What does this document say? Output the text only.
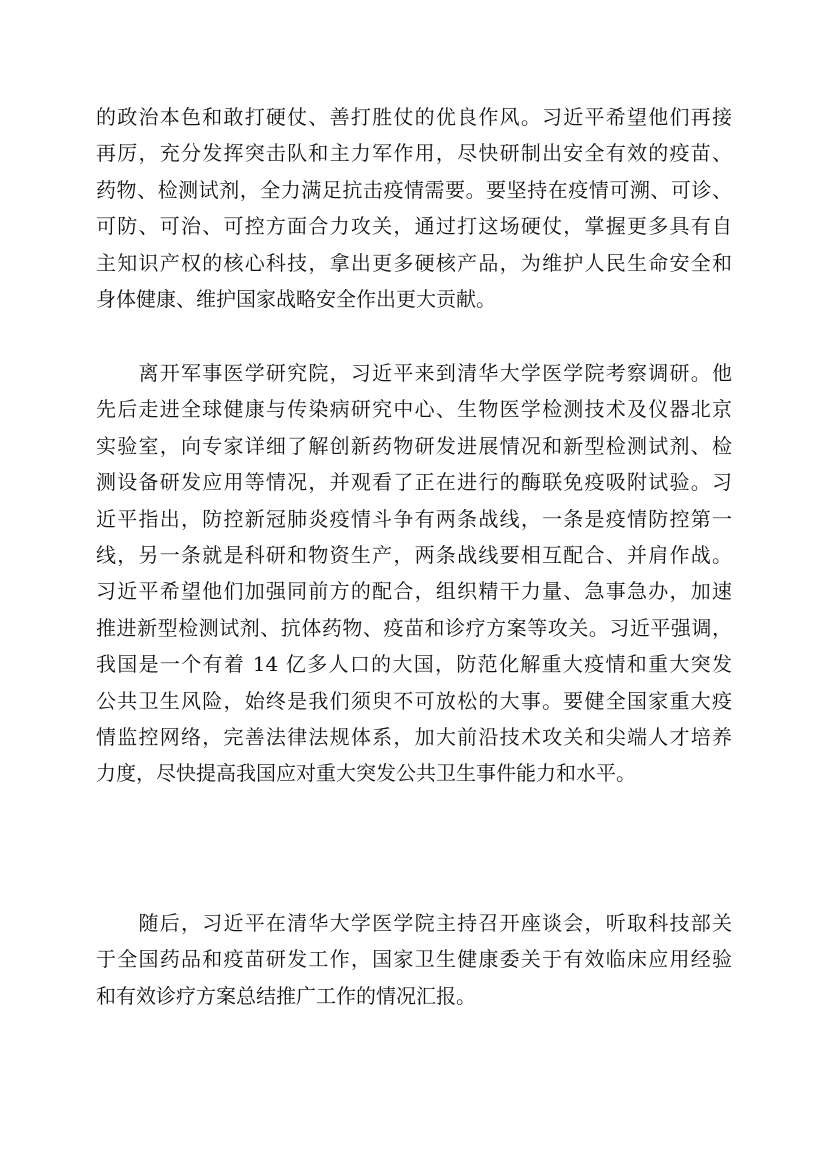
的政治本色和敢打硬仗、善打胜仗的优良作风。习近平希望他们再接
再厉，充分发挥突击队和主力军作用，尽快研制出安全有效的疫苗、
药物、检测试剂，全力满足抗击疫情需要。要坚持在疫情可溯、可诊、
可防、可治、可控方面合力攻关，通过打这场硬仗，掌握更多具有自
主知识产权的核心科技，拿出更多硬核产品，为维护人民生命安全和
身体健康、维护国家战略安全作出更大贡献。

　　离开军事医学研究院，习近平来到清华大学医学院考察调研。他
先后走进全球健康与传染病研究中心、生物医学检测技术及仪器北京
实验室，向专家详细了解创新药物研发进展情况和新型检测试剂、检
测设备研发应用等情况，并观看了正在进行的酶联免疫吸附试验。习
近平指出，防控新冠肺炎疫情斗争有两条战线，一条是疫情防控第一
线，另一条就是科研和物资生产，两条战线要相互配合、并肩作战。
习近平希望他们加强同前方的配合，组织精干力量、急事急办，加速
推进新型检测试剂、抗体药物、疫苗和诊疗方案等攻关。习近平强调，
我国是一个有着 14 亿多人口的大国，防范化解重大疫情和重大突发
公共卫生风险，始终是我们须臾不可放松的大事。要健全国家重大疫
情监控网络，完善法律法规体系，加大前沿技术攻关和尖端人才培养
力度，尽快提高我国应对重大突发公共卫生事件能力和水平。

　　随后，习近平在清华大学医学院主持召开座谈会，听取科技部关
于全国药品和疫苗研发工作，国家卫生健康委关于有效临床应用经验
和有效诊疗方案总结推广工作的情况汇报。
